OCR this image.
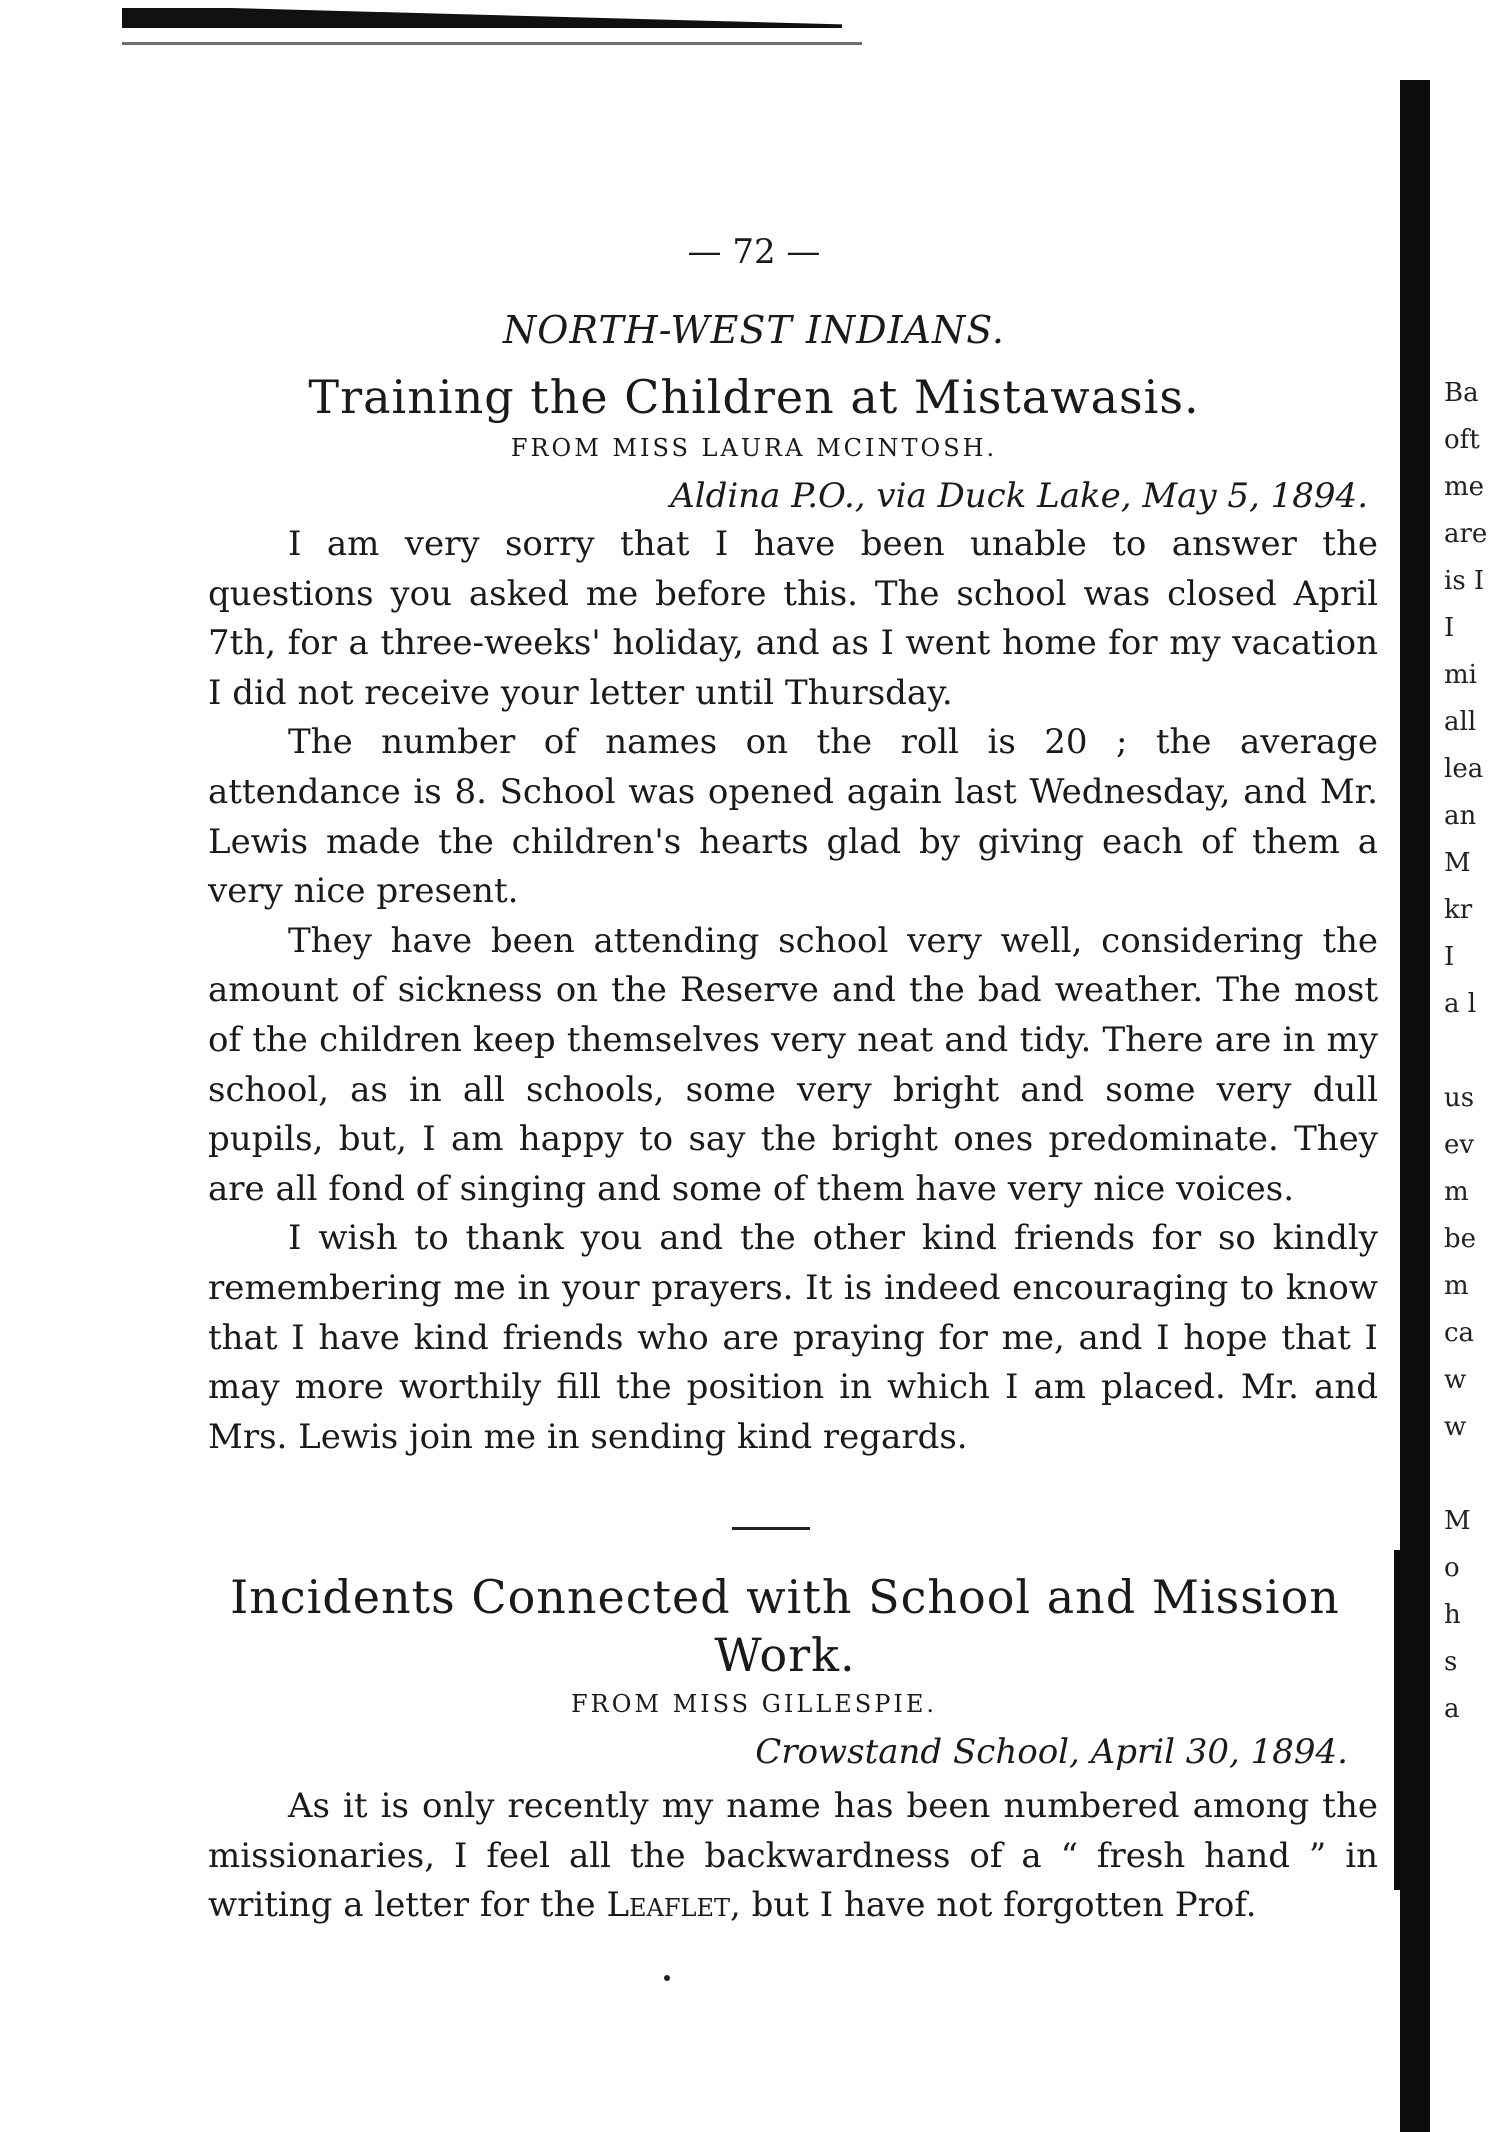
— 72 —
NORTH-WEST INDIANS.
Training the Children at Mistawasis.
FROM MISS LAURA MCINTOSH.
Aldina P.O., via Duck Lake, May 5, 1894.

I am very sorry that I have been unable to answer the questions you asked me before this. The school was closed April 7th, for a three-weeks' holiday, and as I went home for my vacation I did not receive your letter until Thursday.

The number of names on the roll is 20 ; the average attendance is 8. School was opened again last Wednesday, and Mr. Lewis made the children's hearts glad by giving each of them a very nice present.

They have been attending school very well, considering the amount of sickness on the Reserve and the bad weather. The most of the children keep themselves very neat and tidy. There are in my school, as in all schools, some very bright and some very dull pupils, but, I am happy to say the bright ones predominate. They are all fond of singing and some of them have very nice voices.

I wish to thank you and the other kind friends for so kindly remembering me in your prayers. It is indeed encouraging to know that I have kind friends who are praying for me, and I hope that I may more worthily fill the position in which I am placed. Mr. and Mrs. Lewis join me in sending kind regards.

Incidents Connected with School and Mission Work.
FROM MISS GILLESPIE.
Crowstand School, April 30, 1894.

As it is only recently my name has been numbered among the missionaries, I feel all the backwardness of a “ fresh hand ” in writing a letter for the Leaflet, but I have not forgotten Prof.

Ba
oft
me
are
is I
I
mi
all
lea
an
M
kr
I
a l
us
ev
m
be
m
ca
w
w
M
o
h
s
a
